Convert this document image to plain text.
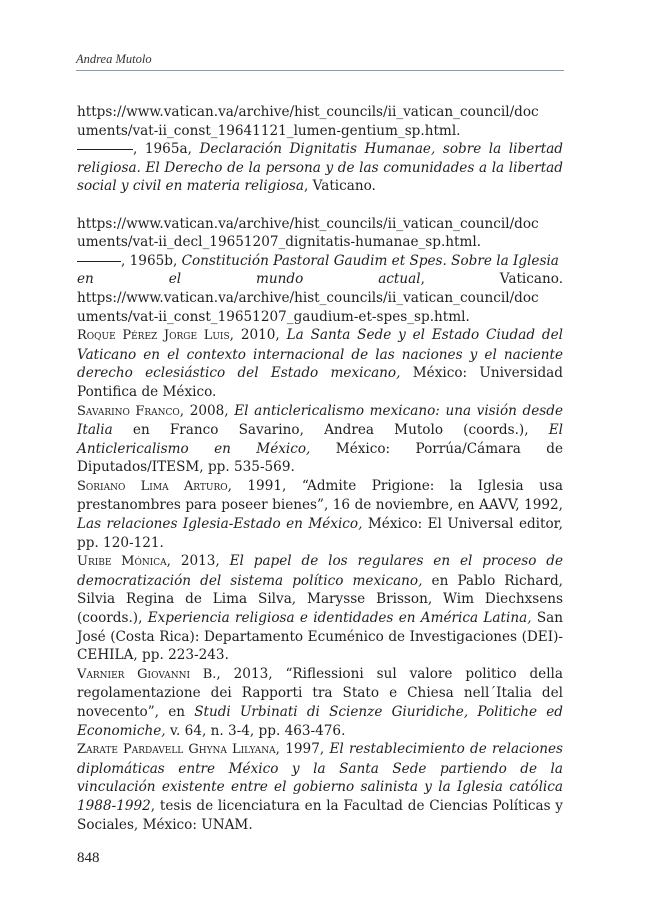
Andrea Mutolo
https://www.vatican.va/archive/hist_councils/ii_vatican_council/doc
uments/vat-ii_const_19641121_lumen-gentium_sp.html.
, 1965a, Declaración Dignitatis Humanae, sobre la libertad religiosa. El Derecho de la persona y de las comunidades a la libertad social y civil en materia religiosa, Vaticano.
https://www.vatican.va/archive/hist_councils/ii_vatican_council/doc
uments/vat-ii_decl_19651207_dignitatis-humanae_sp.html.
, 1965b, Constitución Pastoral Gaudim et Spes. Sobre la Iglesia
en	el	mundo	actual,	Vaticano.
https://www.vatican.va/archive/hist_councils/ii_vatican_council/doc
uments/vat-ii_const_19651207_gaudium-et-spes_sp.html.
Roque Pérez Jorge Luis, 2010, La Santa Sede y el Estado Ciudad del Vaticano en el contexto internacional de las naciones y el naciente derecho eclesiástico del Estado mexicano, México: Universidad Pontifica de México.
Savarino Franco, 2008, El anticlericalismo mexicano: una visión desde Italia en Franco Savarino, Andrea Mutolo (coords.), El Anticlericalismo en México, México: Porrúa/Cámara de Diputados/ITESM, pp. 535-569.
Soriano Lima Arturo, 1991, “Admite Prigione: la Iglesia usa prestanombres para poseer bienes”, 16 de noviembre, en AAVV, 1992, Las relaciones Iglesia-Estado en México, México: El Universal editor, pp. 120-121.
Uribe Mónica, 2013, El papel de los regulares en el proceso de democratización del sistema político mexicano, en Pablo Richard, Silvia Regina de Lima Silva, Marysse Brisson, Wim Diechxsens (coords.), Experiencia religiosa e identidades en América Latina, San José (Costa Rica): Departamento Ecuménico de Investigaciones (DEI)-CEHILA, pp. 223-243.
Varnier Giovanni B., 2013, “Riflessioni sul valore politico della regolamentazione dei Rapporti tra Stato e Chiesa nell´Italia del novecento”, en Studi Urbinati di Scienze Giuridiche, Politiche ed Economiche, v. 64, n. 3-4, pp. 463-476.
Zarate Pardavell Ghyna Lilyana, 1997, El restablecimiento de relaciones diplomáticas entre México y la Santa Sede partiendo de la vinculación existente entre el gobierno salinista y la Iglesia católica 1988-1992, tesis de licenciatura en la Facultad de Ciencias Políticas y Sociales, México: UNAM.
848
